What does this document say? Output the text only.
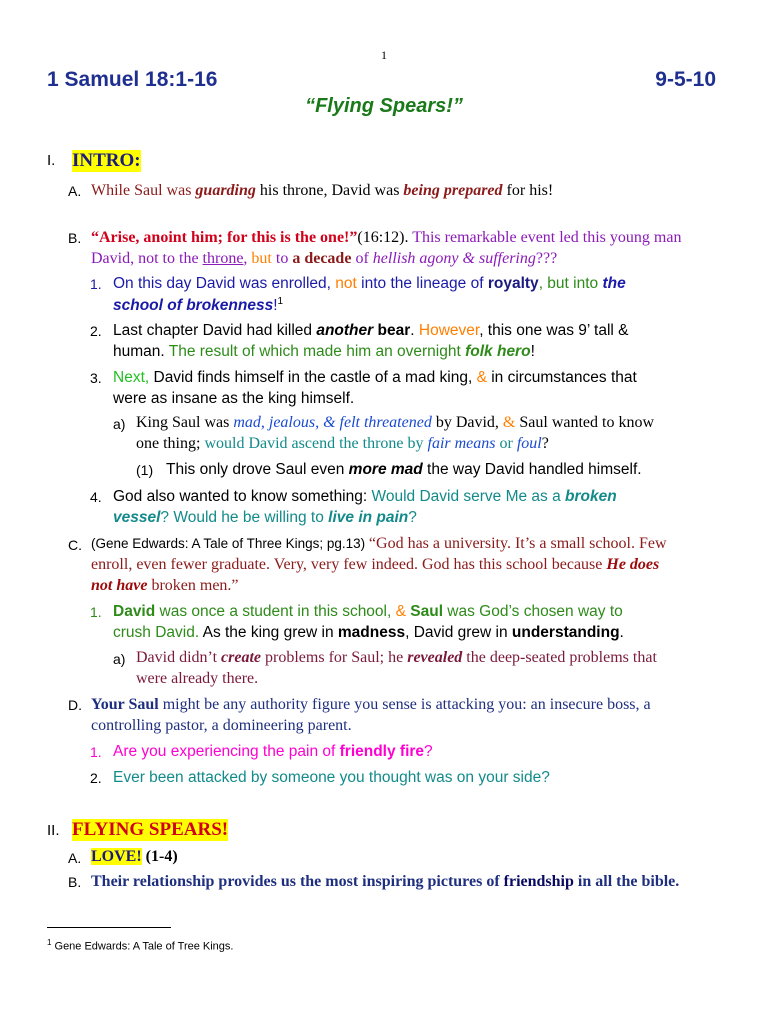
1
1 Samuel 18:1-16	9-5-10
“Flying Spears!”
I. INTRO:
A. While Saul was guarding his throne, David was being prepared for his!
B. “Arise, anoint him; for this is the one!”(16:12). This remarkable event led this young man
David, not to the throne, but to a decade of hellish agony & suffering???
1. On this day David was enrolled, not into the lineage of royalty, but into the
school of brokenness!$^1$
2. Last chapter David had killed another bear. However, this one was 9’ tall &
human. The result of which made him an overnight folk hero!
3. Next, David finds himself in the castle of a mad king, & in circumstances that
were as insane as the king himself.
a) King Saul was mad, jealous, & felt threatened by David, & Saul wanted to know
one thing; would David ascend the throne by fair means or foul?
(1) This only drove Saul even more mad the way David handled himself.
4. God also wanted to know something: Would David serve Me as a broken
vessel? Would he be willing to live in pain?
C. (Gene Edwards: A Tale of Three Kings; pg.13) “God has a university. It’s a small school. Few
enroll, even fewer graduate. Very, very few indeed. God has this school because He does
not have broken men.”
1. David was once a student in this school, & Saul was God’s chosen way to
crush David. As the king grew in madness, David grew in understanding.
a) David didn’t create problems for Saul; he revealed the deep-seated problems that
were already there.
D. Your Saul might be any authority figure you sense is attacking you: an insecure boss, a
controlling pastor, a domineering parent.
1. Are you experiencing the pain of friendly fire?
2. Ever been attacked by someone you thought was on your side?
II. FLYING SPEARS!
A. LOVE! (1-4)
B. Their relationship provides us the most inspiring pictures of friendship in all the bible.
$^1$ Gene Edwards: A Tale of Tree Kings.
